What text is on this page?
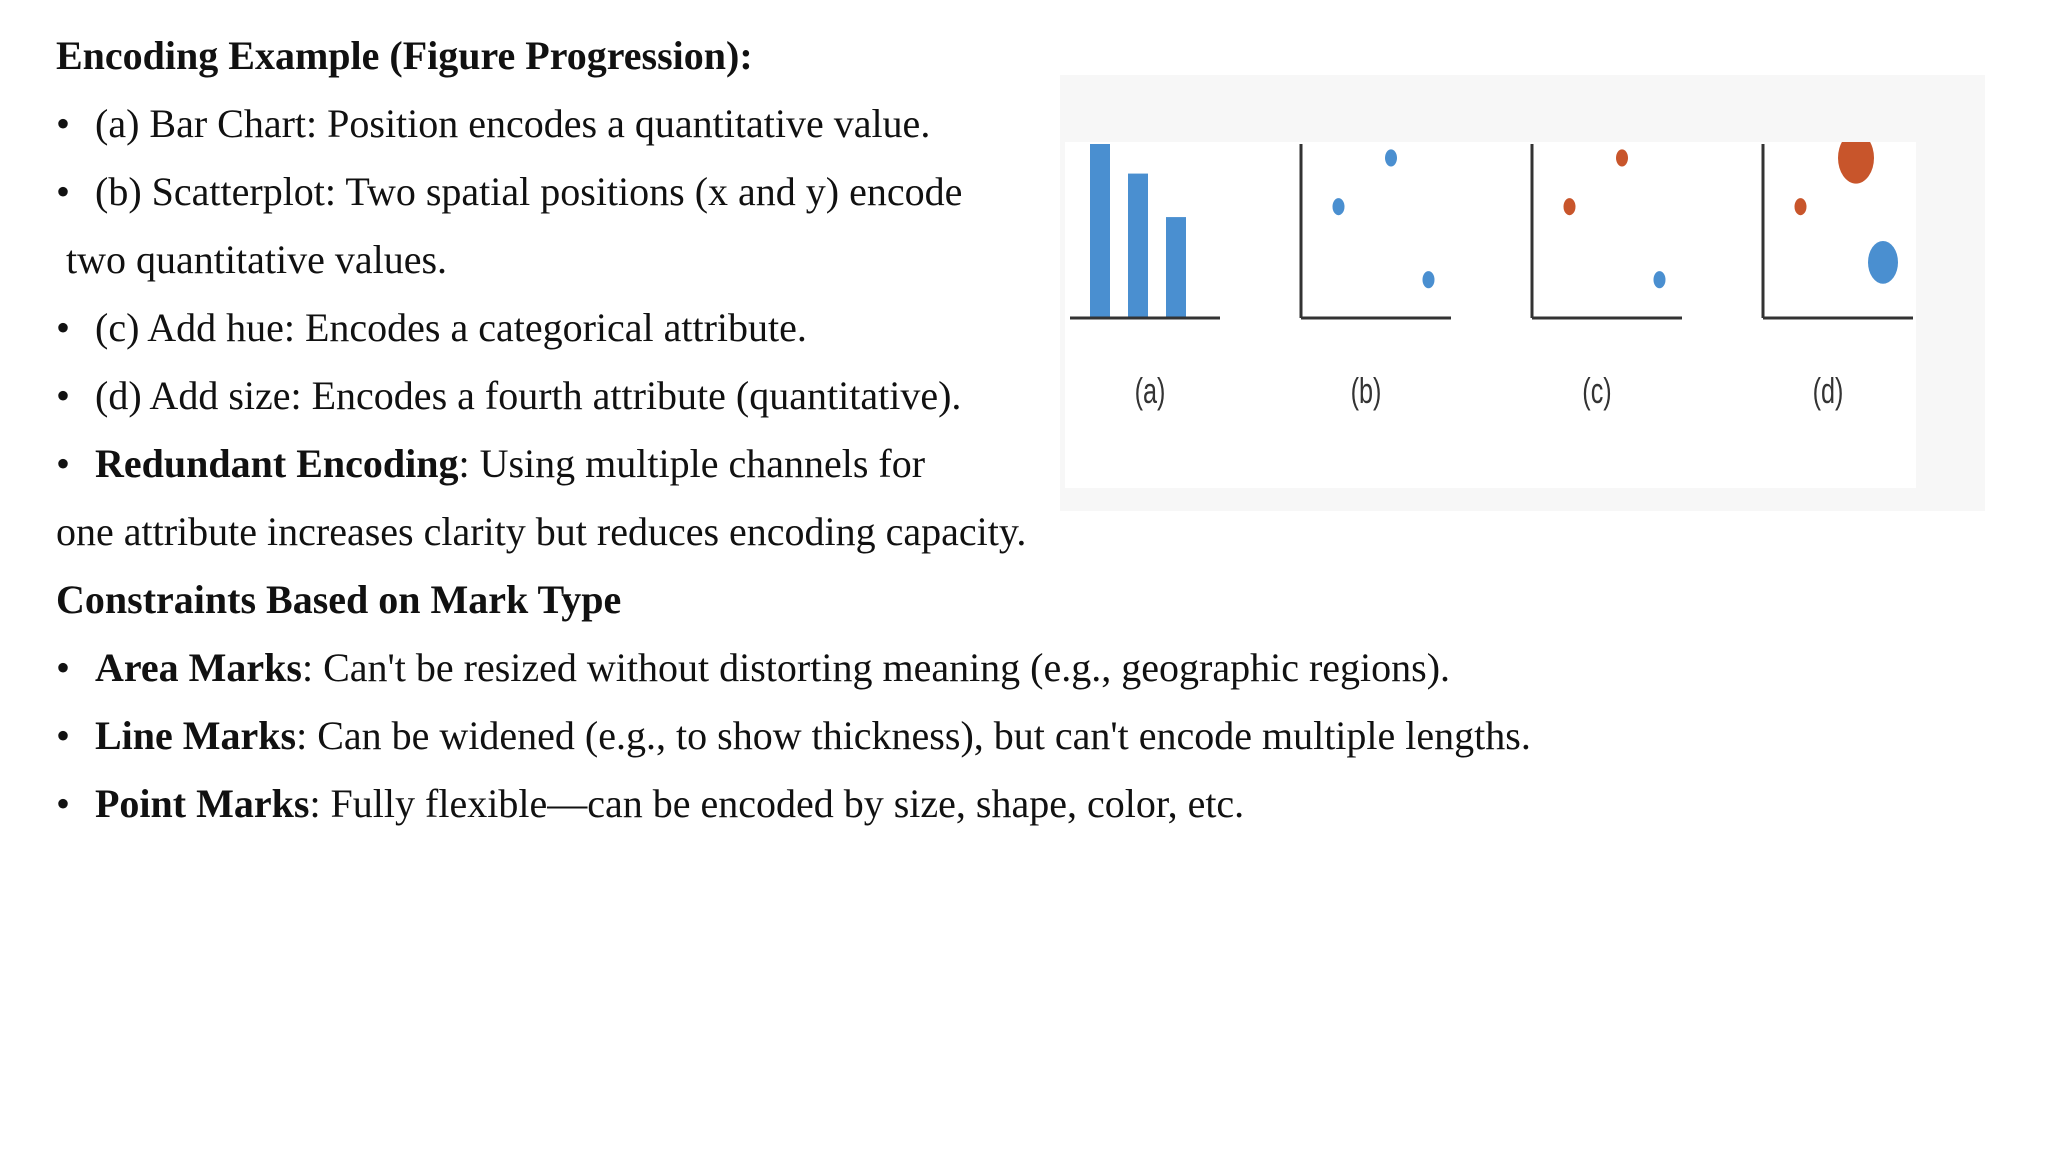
Encoding Example (Figure Progression):
• (a) Bar Chart: Position encodes a quantitative value.
• (b) Scatterplot: Two spatial positions (x and y) encode
two quantitative values.
• (c) Add hue: Encodes a categorical attribute.
• (d) Add size: Encodes a fourth attribute (quantitative).
• Redundant Encoding: Using multiple channels for
one attribute increases clarity but reduces encoding capacity.
Constraints Based on Mark Type
• Area Marks: Can't be resized without distorting meaning (e.g., geographic regions).
• Line Marks: Can be widened (e.g., to show thickness), but can't encode multiple lengths.
• Point Marks: Fully flexible—can be encoded by size, shape, color, etc.
(a)	(b)	(c)	(d)
